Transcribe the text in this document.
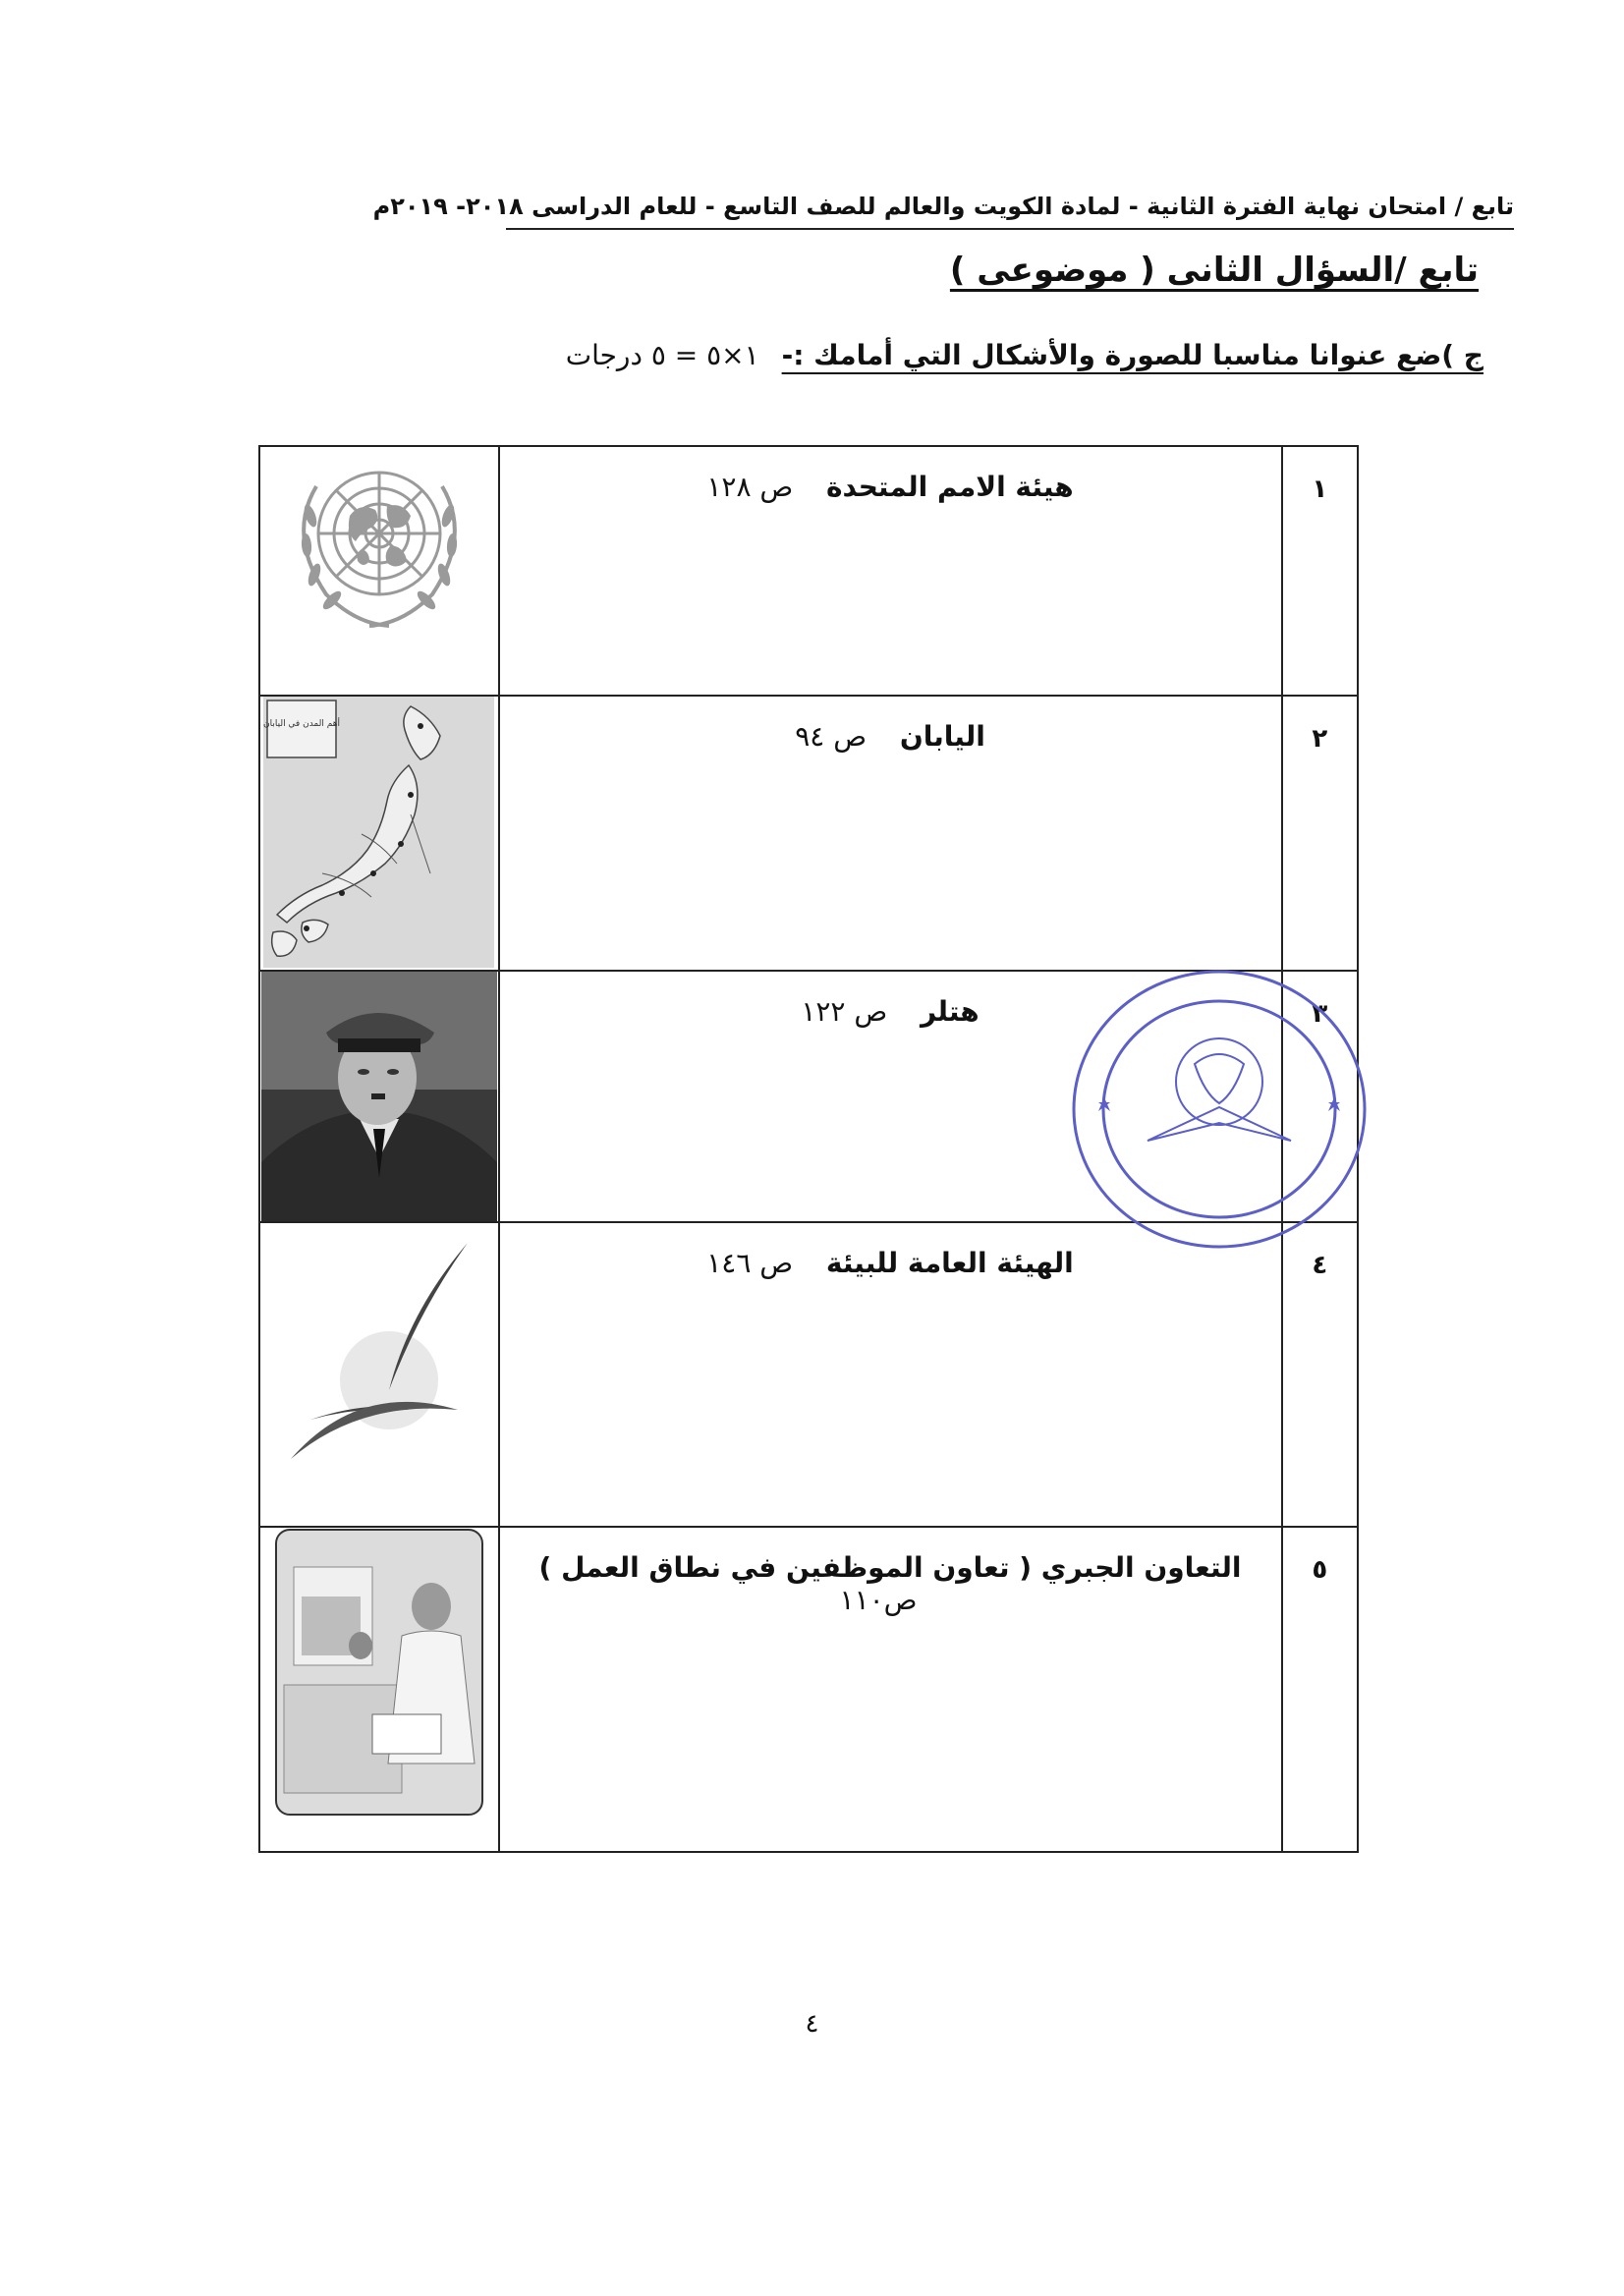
تابع / امتحان نهاية الفترة الثانية - لمادة الكويت والعالم للصف التاسع - للعام الدراسى ٢٠١٨- ٢٠١٩م
تابع /السؤال الثانى ( موضوعى )
ج )ضع عنوانا مناسبا للصورة والأشكال التي أمامك :- ١×٥ = ٥ درجات
١	هيئة الامم المتحدة ص ١٢٨	

٢	اليابان ص ٩٤	أهم المدن في اليابان

٣	هتلر ص ١٢٢	

٤	الهيئة العامة للبيئة ص ١٤٦	

٥	التعاون الجبري ( تعاون الموظفين في نطاق العمل ) ص١١٠	
٤
